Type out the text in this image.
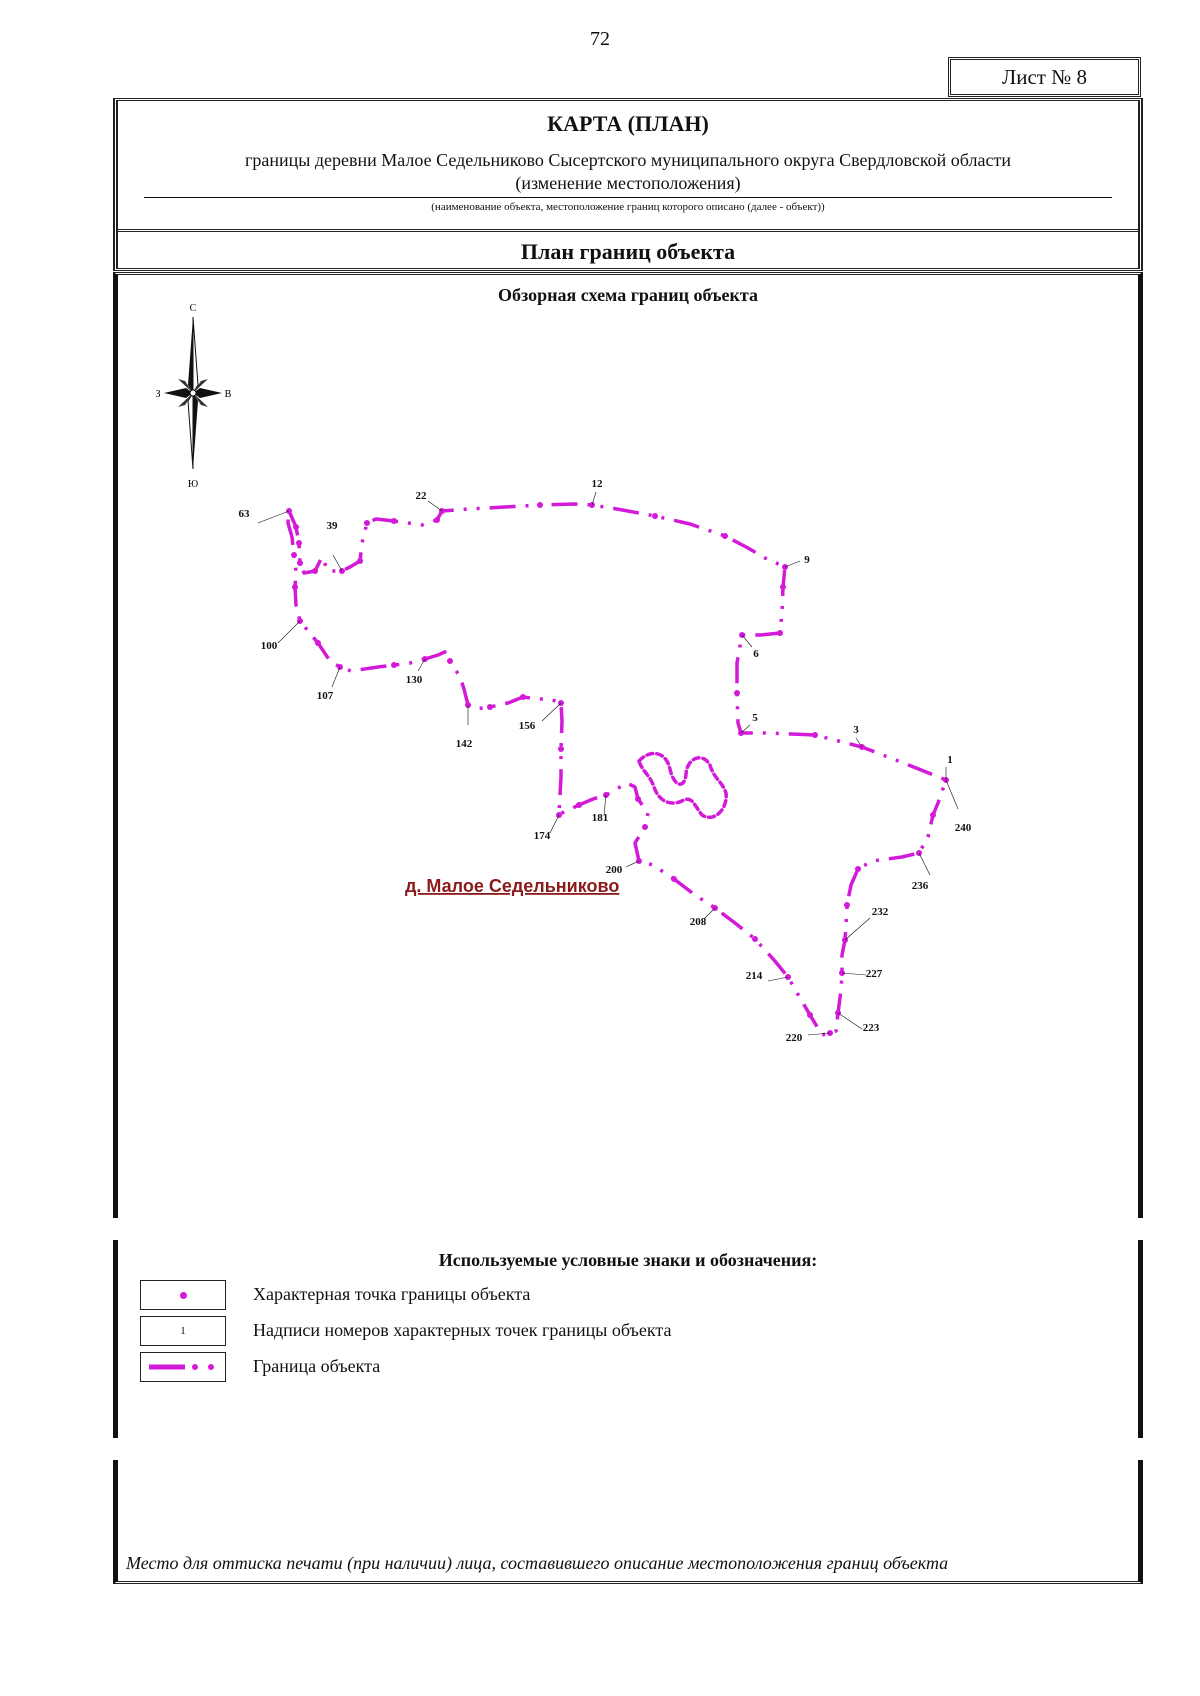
72
Лист № 8
КАРТА (ПЛАН)
границы деревни Малое Седельниково Сысертского муниципального округа Свердловской области
(изменение местоположения)
(наименование объекта, местоположение границ которого описано (далее - объект))
План границ объекта
Обзорная схема границ объекта
С
Ю
З	В
1
3
5
6
9
12
22
39
63
100
107
130
142
156
174
181
200
208
214
220
223
227
232
236
240
д. Малое Седельниково
Используемые условные знаки и обозначения:
Характерная точка границы объекта
1	Надписи номеров характерных точек границы объекта
Граница объекта
Место для оттиска печати (при наличии) лица, составившего описание местоположения границ объекта
